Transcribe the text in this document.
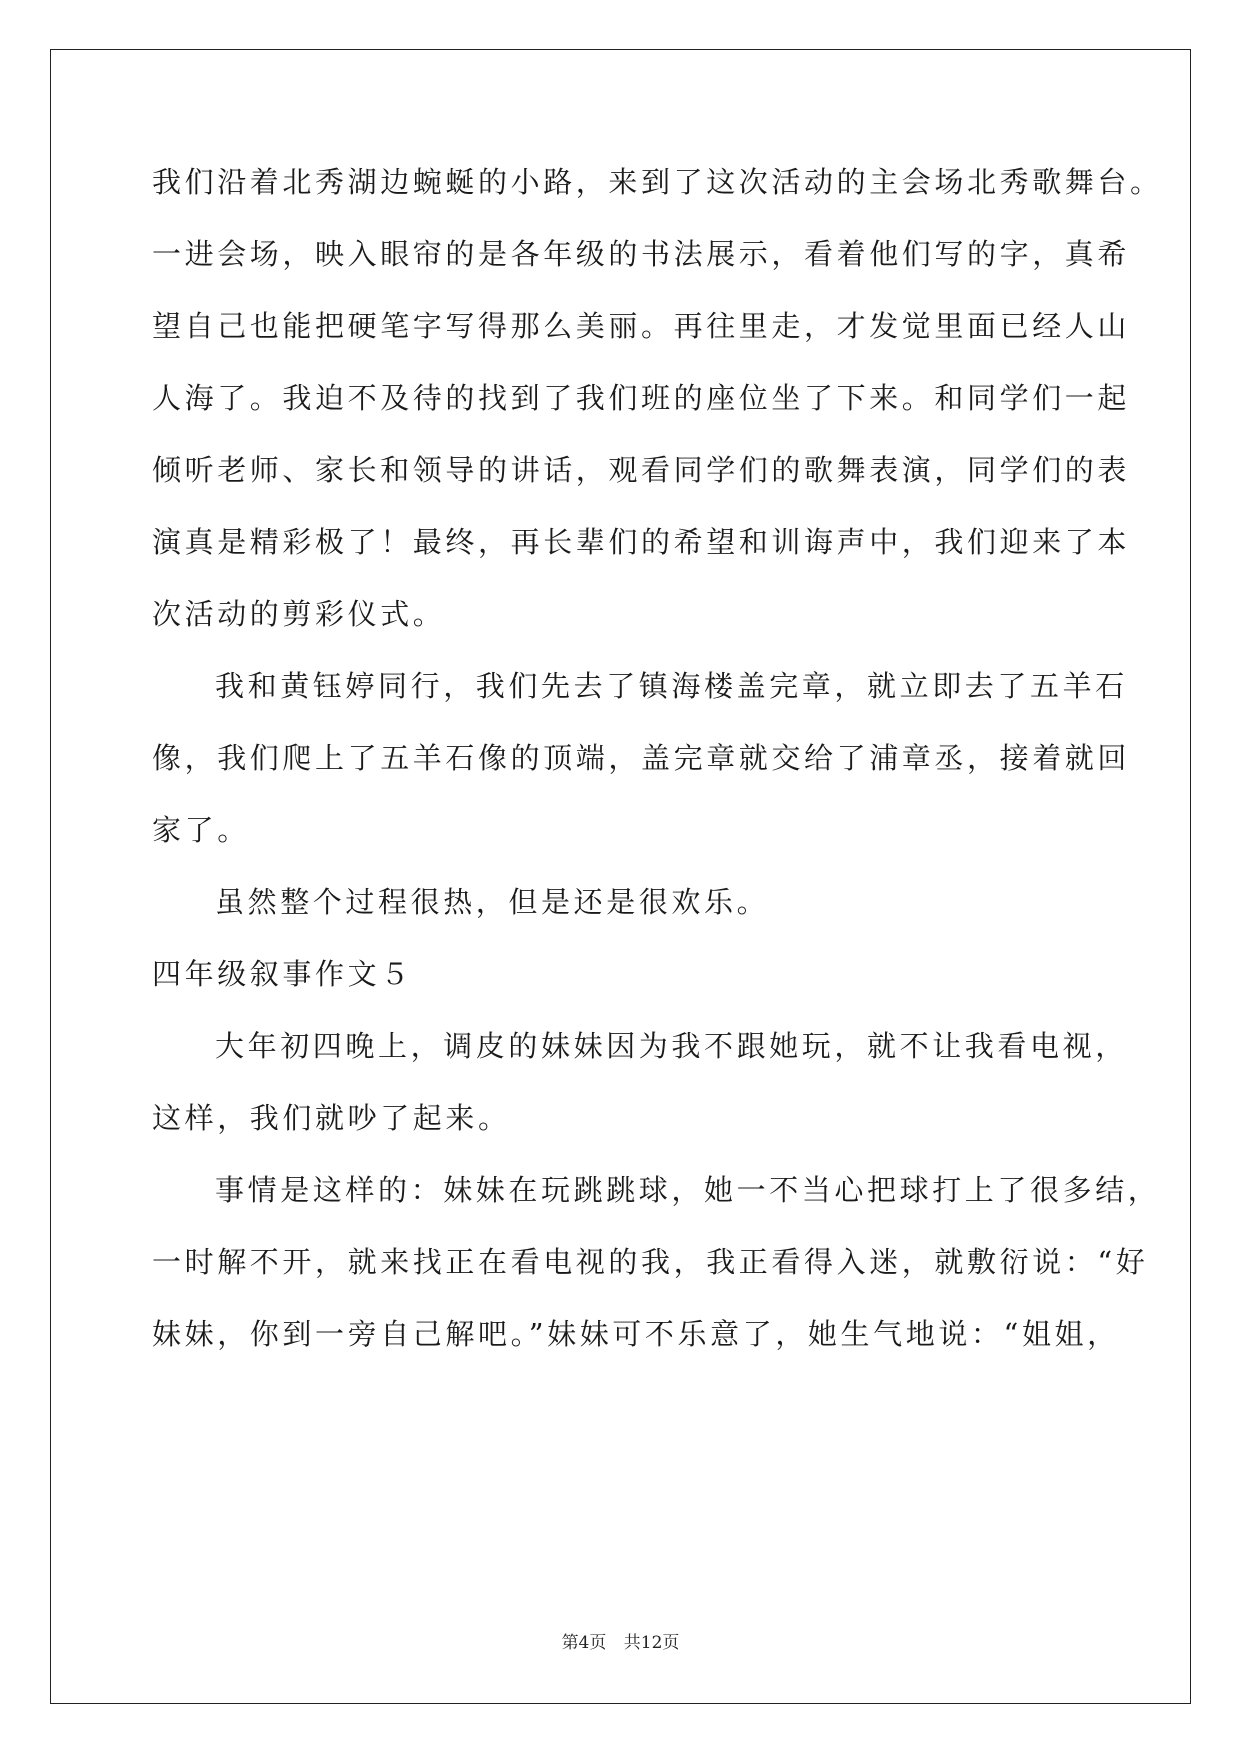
我们沿着北秀湖边蜿蜒的小路，来到了这次活动的主会场北秀歌舞台。
一进会场，映入眼帘的是各年级的书法展示，看着他们写的字，真希
望自己也能把硬笔字写得那么美丽。再往里走，才发觉里面已经人山
人海了。我迫不及待的找到了我们班的座位坐了下来。和同学们一起
倾听老师、家长和领导的讲话，观看同学们的歌舞表演，同学们的表
演真是精彩极了！最终，再长辈们的希望和训诲声中，我们迎来了本
次活动的剪彩仪式。
我和黄钰婷同行，我们先去了镇海楼盖完章，就立即去了五羊石
像，我们爬上了五羊石像的顶端，盖完章就交给了浦章丞，接着就回
家了。
虽然整个过程很热，但是还是很欢乐。
四年级叙事作文５
大年初四晚上，调皮的妹妹因为我不跟她玩，就不让我看电视，
这样，我们就吵了起来。
事情是这样的：妹妹在玩跳跳球，她一不当心把球打上了很多结，
一时解不开，就来找正在看电视的我，我正看得入迷，就敷衍说：“好
妹妹，你到一旁自己解吧。”妹妹可不乐意了，她生气地说：“姐姐，
第4页 共12页
